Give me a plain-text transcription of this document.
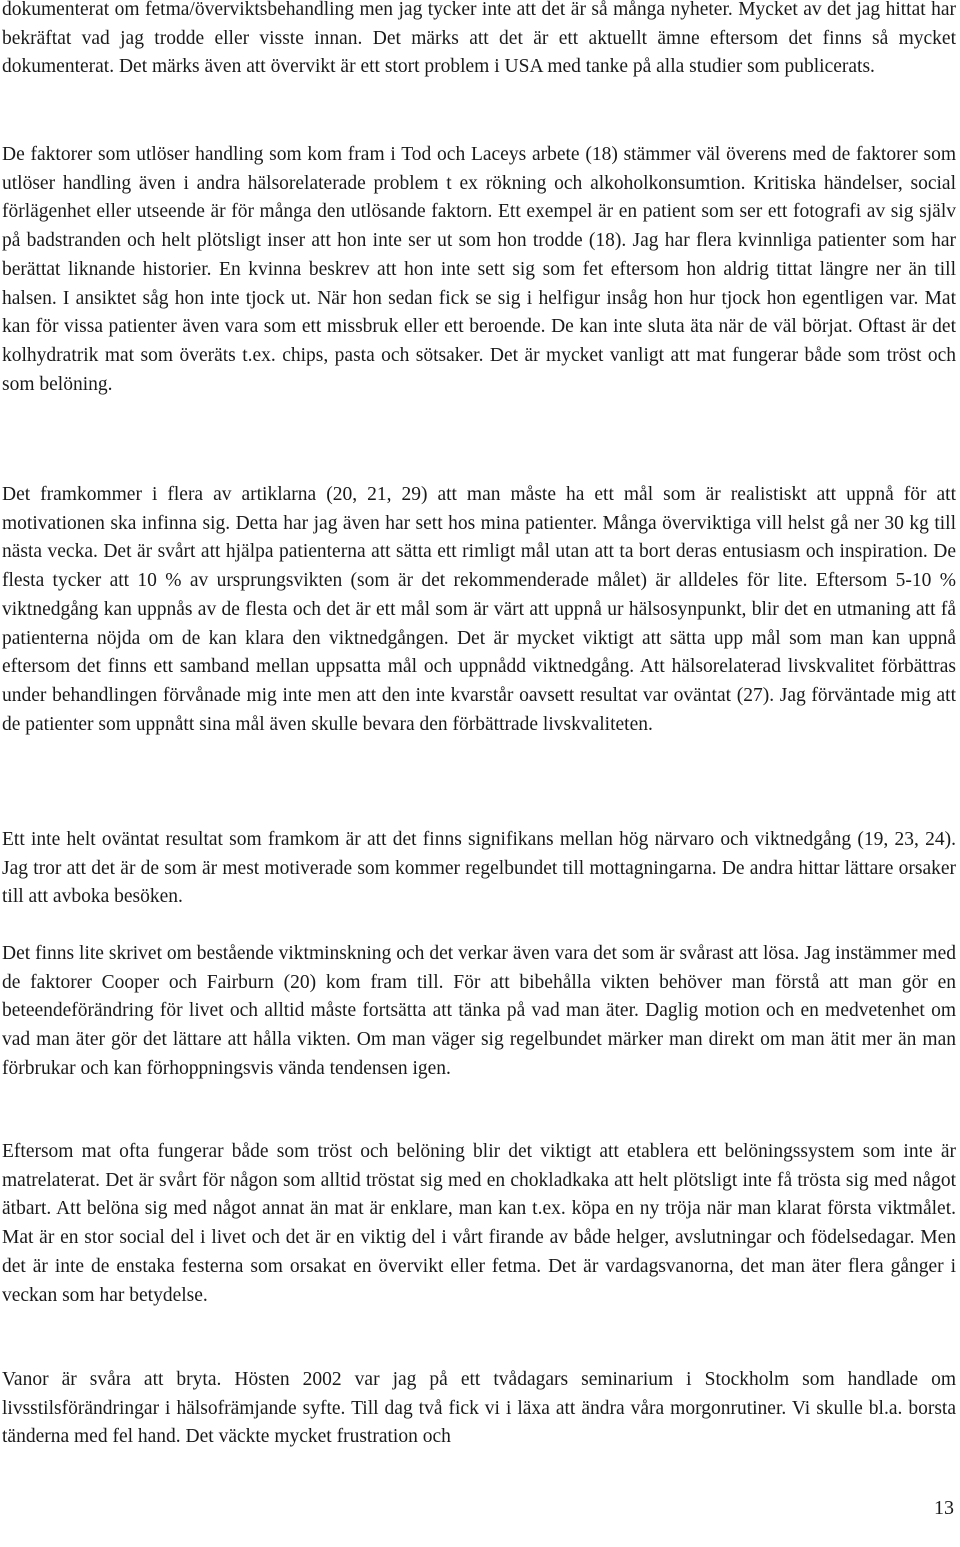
dokumenterat om fetma/överviktsbehandling men jag tycker inte att det är så många nyheter. Mycket av det jag hittat har bekräftat vad jag trodde eller visste innan. Det märks att det är ett aktuellt ämne eftersom det finns så mycket dokumenterat. Det märks även att övervikt är ett stort problem i USA med tanke på alla studier som publicerats.

De faktorer som utlöser handling som kom fram i Tod och Laceys arbete (18) stämmer väl överens med de faktorer som utlöser handling även i andra hälsorelaterade problem t ex rökning och alkoholkonsumtion. Kritiska händelser, social förlägenhet eller utseende är för många den utlösande faktorn. Ett exempel är en patient som ser ett fotografi av sig själv på badstranden och helt plötsligt inser att hon inte ser ut som hon trodde (18). Jag har flera kvinnliga patienter som har berättat liknande historier. En kvinna beskrev att hon inte sett sig som fet eftersom hon aldrig tittat längre ner än till halsen. I ansiktet såg hon inte tjock ut. När hon sedan fick se sig i helfigur insåg hon hur tjock hon egentligen var. Mat kan för vissa patienter även vara som ett missbruk eller ett beroende. De kan inte sluta äta när de väl börjat. Oftast är det kolhydratrik mat som överäts t.ex. chips, pasta och sötsaker. Det är mycket vanligt att mat fungerar både som tröst och som belöning.

Det framkommer i flera av artiklarna (20, 21, 29) att man måste ha ett mål som är realistiskt att uppnå för att motivationen ska infinna sig. Detta har jag även har sett hos mina patienter. Många överviktiga vill helst gå ner 30 kg till nästa vecka. Det är svårt att hjälpa patienterna att sätta ett rimligt mål utan att ta bort deras entusiasm och inspiration. De flesta tycker att 10 % av ursprungsvikten (som är det rekommenderade målet) är alldeles för lite. Eftersom 5-10 % viktnedgång kan uppnås av de flesta och det är ett mål som är värt att uppnå ur hälsosynpunkt, blir det en utmaning att få patienterna nöjda om de kan klara den viktnedgången. Det är mycket viktigt att sätta upp mål som man kan uppnå eftersom det finns ett samband mellan uppsatta mål och uppnådd viktnedgång. Att hälsorelaterad livskvalitet förbättras under behandlingen förvånade mig inte men att den inte kvarstår oavsett resultat var oväntat (27). Jag förväntade mig att de patienter som uppnått sina mål även skulle bevara den förbättrade livskvaliteten.

Ett inte helt oväntat resultat som framkom är att det finns signifikans mellan hög närvaro och viktnedgång (19, 23, 24). Jag tror att det är de som är mest motiverade som kommer regelbundet till mottagningarna. De andra hittar lättare orsaker till att avboka besöken.

Det finns lite skrivet om bestående viktminskning och det verkar även vara det som är svårast att lösa. Jag instämmer med de faktorer Cooper och Fairburn (20) kom fram till. För att bibehålla vikten behöver man förstå att man gör en beteendeförändring för livet och alltid måste fortsätta att tänka på vad man äter. Daglig motion och en medvetenhet om vad man äter gör det lättare att hålla vikten. Om man väger sig regelbundet märker man direkt om man ätit mer än man förbrukar och kan förhoppningsvis vända tendensen igen.

Eftersom mat ofta fungerar både som tröst och belöning blir det viktigt att etablera ett belöningssystem som inte är matrelaterat. Det är svårt för någon som alltid tröstat sig med en chokladkaka att helt plötsligt inte få trösta sig med något ätbart. Att belöna sig med något annat än mat är enklare, man kan t.ex. köpa en ny tröja när man klarat första viktmålet. Mat är en stor social del i livet och det är en viktig del i vårt firande av både helger, avslutningar och födelsedagar. Men det är inte de enstaka festerna som orsakat en övervikt eller fetma. Det är vardagsvanorna, det man äter flera gånger i veckan som har betydelse.

Vanor är svåra att bryta. Hösten 2002 var jag på ett tvådagars seminarium i Stockholm som handlade om livsstilsförändringar i hälsofrämjande syfte. Till dag två fick vi i läxa att ändra våra morgonrutiner. Vi skulle bl.a. borsta tänderna med fel hand. Det väckte mycket frustration och

13
